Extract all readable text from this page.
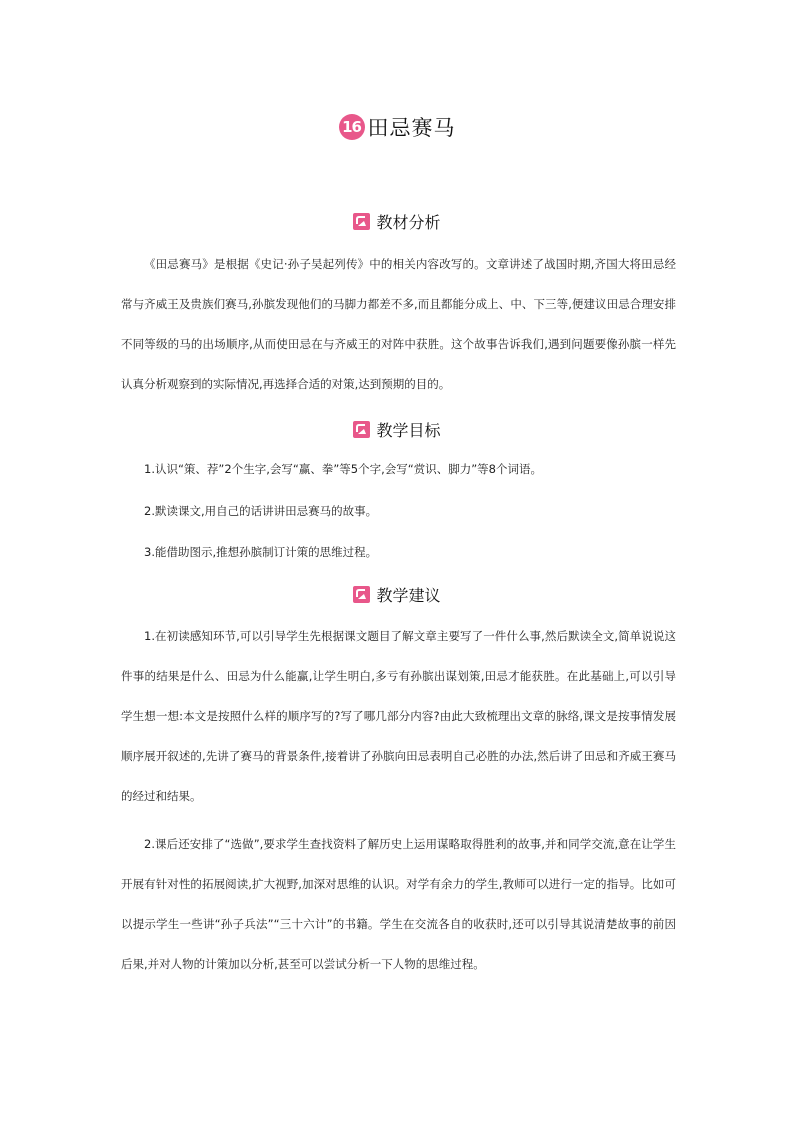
16 田忌赛马
教材分析

《田忌赛马》是根据《史记·孙子吴起列传》中的相关内容改写的。文章讲述了战国时期,齐国大将田忌经常与齐威王及贵族们赛马,孙膑发现他们的马脚力都差不多,而且都能分成上、中、下三等,便建议田忌合理安排不同等级的马的出场顺序,从而使田忌在与齐威王的对阵中获胜。这个故事告诉我们,遇到问题要像孙膑一样先认真分析观察到的实际情况,再选择合适的对策,达到预期的目的。

教学目标

1.认识“策、荐”2个生字,会写“赢、拳”等5个字,会写“赏识、脚力”等8个词语。

2.默读课文,用自己的话讲讲田忌赛马的故事。

3.能借助图示,推想孙膑制订计策的思维过程。

教学建议

1.在初读感知环节,可以引导学生先根据课文题目了解文章主要写了一件什么事,然后默读全文,简单说说这件事的结果是什么、田忌为什么能赢,让学生明白,多亏有孙膑出谋划策,田忌才能获胜。在此基础上,可以引导学生想一想:本文是按照什么样的顺序写的?写了哪几部分内容?由此大致梳理出文章的脉络,课文是按事情发展顺序展开叙述的,先讲了赛马的背景条件,接着讲了孙膑向田忌表明自己必胜的办法,然后讲了田忌和齐威王赛马的经过和结果。

2.课后还安排了“选做”,要求学生查找资料了解历史上运用谋略取得胜利的故事,并和同学交流,意在让学生开展有针对性的拓展阅读,扩大视野,加深对思维的认识。对学有余力的学生,教师可以进行一定的指导。比如可以提示学生一些讲“孙子兵法”“三十六计”的书籍。学生在交流各自的收获时,还可以引导其说清楚故事的前因后果,并对人物的计策加以分析,甚至可以尝试分析一下人物的思维过程。
